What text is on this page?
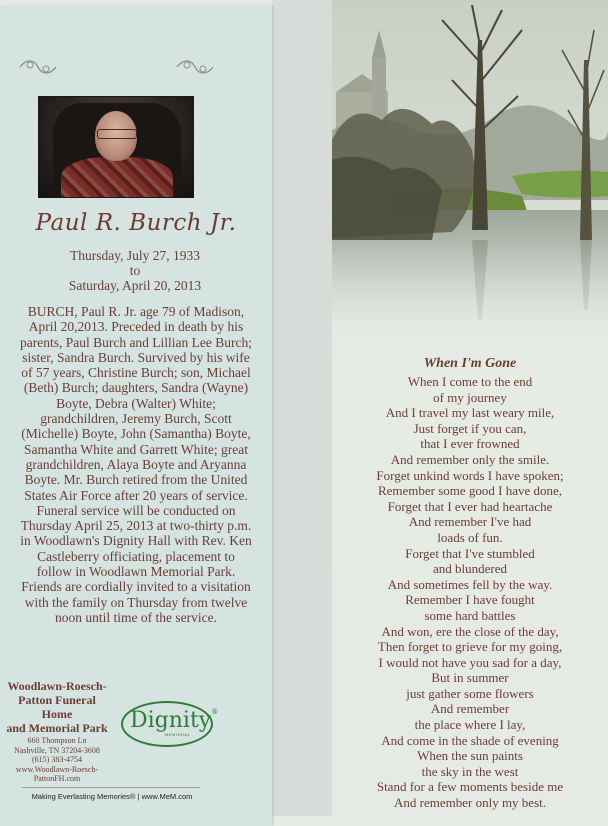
Paul R. Burch Jr.
Thursday, July 27, 1933
to
Saturday, April 20, 2013

BURCH, Paul R. Jr. age 79 of Madison,

April 20,2013. Preceded in death by his

parents, Paul Burch and Lillian Lee Burch;

sister, Sandra Burch. Survived by his wife

of 57 years, Christine Burch; son, Michael

(Beth) Burch; daughters, Sandra (Wayne)

Boyte, Debra (Walter) White;

grandchildren, Jeremy Burch, Scott

(Michelle) Boyte, John (Samantha) Boyte,

Samantha White and Garrett White; great

grandchildren, Alaya Boyte and Aryanna

Boyte. Mr. Burch retired from the United

States Air Force after 20 years of service.

Funeral service will be conducted on

Thursday April 25, 2013 at two-thirty p.m.

in Woodlawn's Dignity Hall with Rev. Ken

Castleberry officiating, placement to

follow in Woodlawn Memorial Park.

Friends are cordially invited to a visitation

with the family on Thursday from twelve

noon until time of the service.

Woodlawn-Roesch-
Patton Funeral Home
and Memorial Park
660 Thompson Ln
Nashville, TN 37204-3608
(615) 383-4754
www.Woodlawn-Roesch-
PattonFH.com
Dignity®
MEMORIAL
Making Everlasting Memories® | www.MeM.com
When I'm Gone
When I come to the end
of my journey
And I travel my last weary mile,
Just forget if you can,
that I ever frowned
And remember only the smile.
Forget unkind words I have spoken;
Remember some good I have done,
Forget that I ever had heartache
And remember I've had
loads of fun.
Forget that I've stumbled
and blundered
And sometimes fell by the way.
Remember I have fought
some hard battles
And won, ere the close of the day,
Then forget to grieve for my going,
I would not have you sad for a day,
But in summer
just gather some flowers
And remember
the place where I lay,
And come in the shade of evening
When the sun paints
the sky in the west
Stand for a few moments beside me
And remember only my best.
